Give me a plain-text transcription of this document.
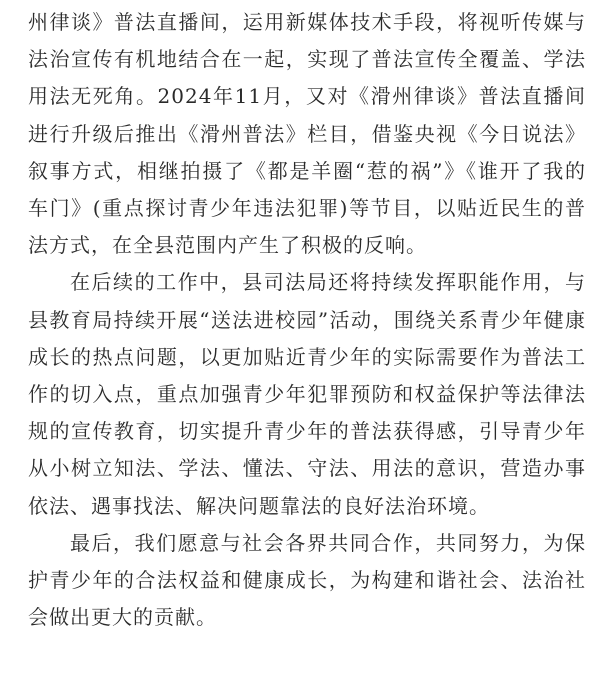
州律谈》普法直播间，运用新媒体技术手段，将视听传媒与法治宣传有机地结合在一起，实现了普法宣传全覆盖、学法用法无死角。2024年11月，又对《滑州律谈》普法直播间进行升级后推出《滑州普法》栏目，借鉴央视《今日说法》叙事方式，相继拍摄了《都是羊圈“惹的祸”》《谁开了我的车门》(重点探讨青少年违法犯罪)等节目，以贴近民生的普法方式，在全县范围内产生了积极的反响。

在后续的工作中，县司法局还将持续发挥职能作用，与县教育局持续开展“送法进校园”活动，围绕关系青少年健康成长的热点问题，以更加贴近青少年的实际需要作为普法工作的切入点，重点加强青少年犯罪预防和权益保护等法律法规的宣传教育，切实提升青少年的普法获得感，引导青少年从小树立知法、学法、懂法、守法、用法的意识，营造办事依法、遇事找法、解决问题靠法的良好法治环境。

最后，我们愿意与社会各界共同合作，共同努力，为保护青少年的合法权益和健康成长，为构建和谐社会、法治社会做出更大的贡献。
